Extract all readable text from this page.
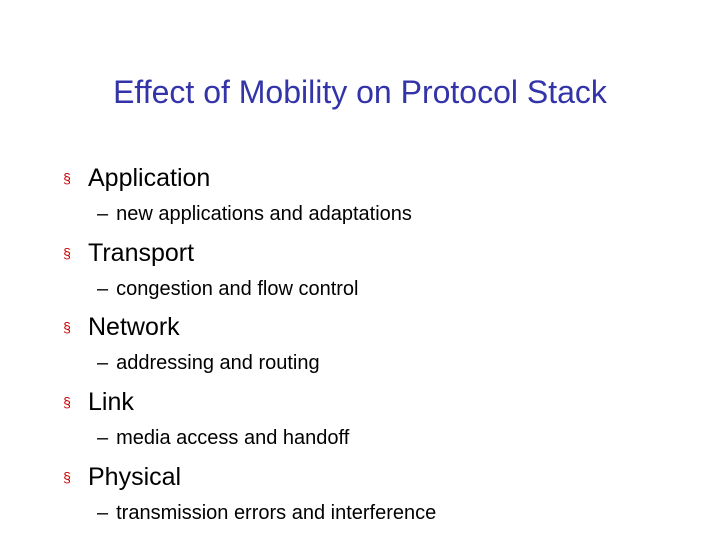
Effect of Mobility on Protocol Stack
§ Application
– new applications and adaptations
§ Transport
– congestion and flow control
§ Network
– addressing and routing
§ Link
– media access and handoff
§ Physical
– transmission errors and interference
